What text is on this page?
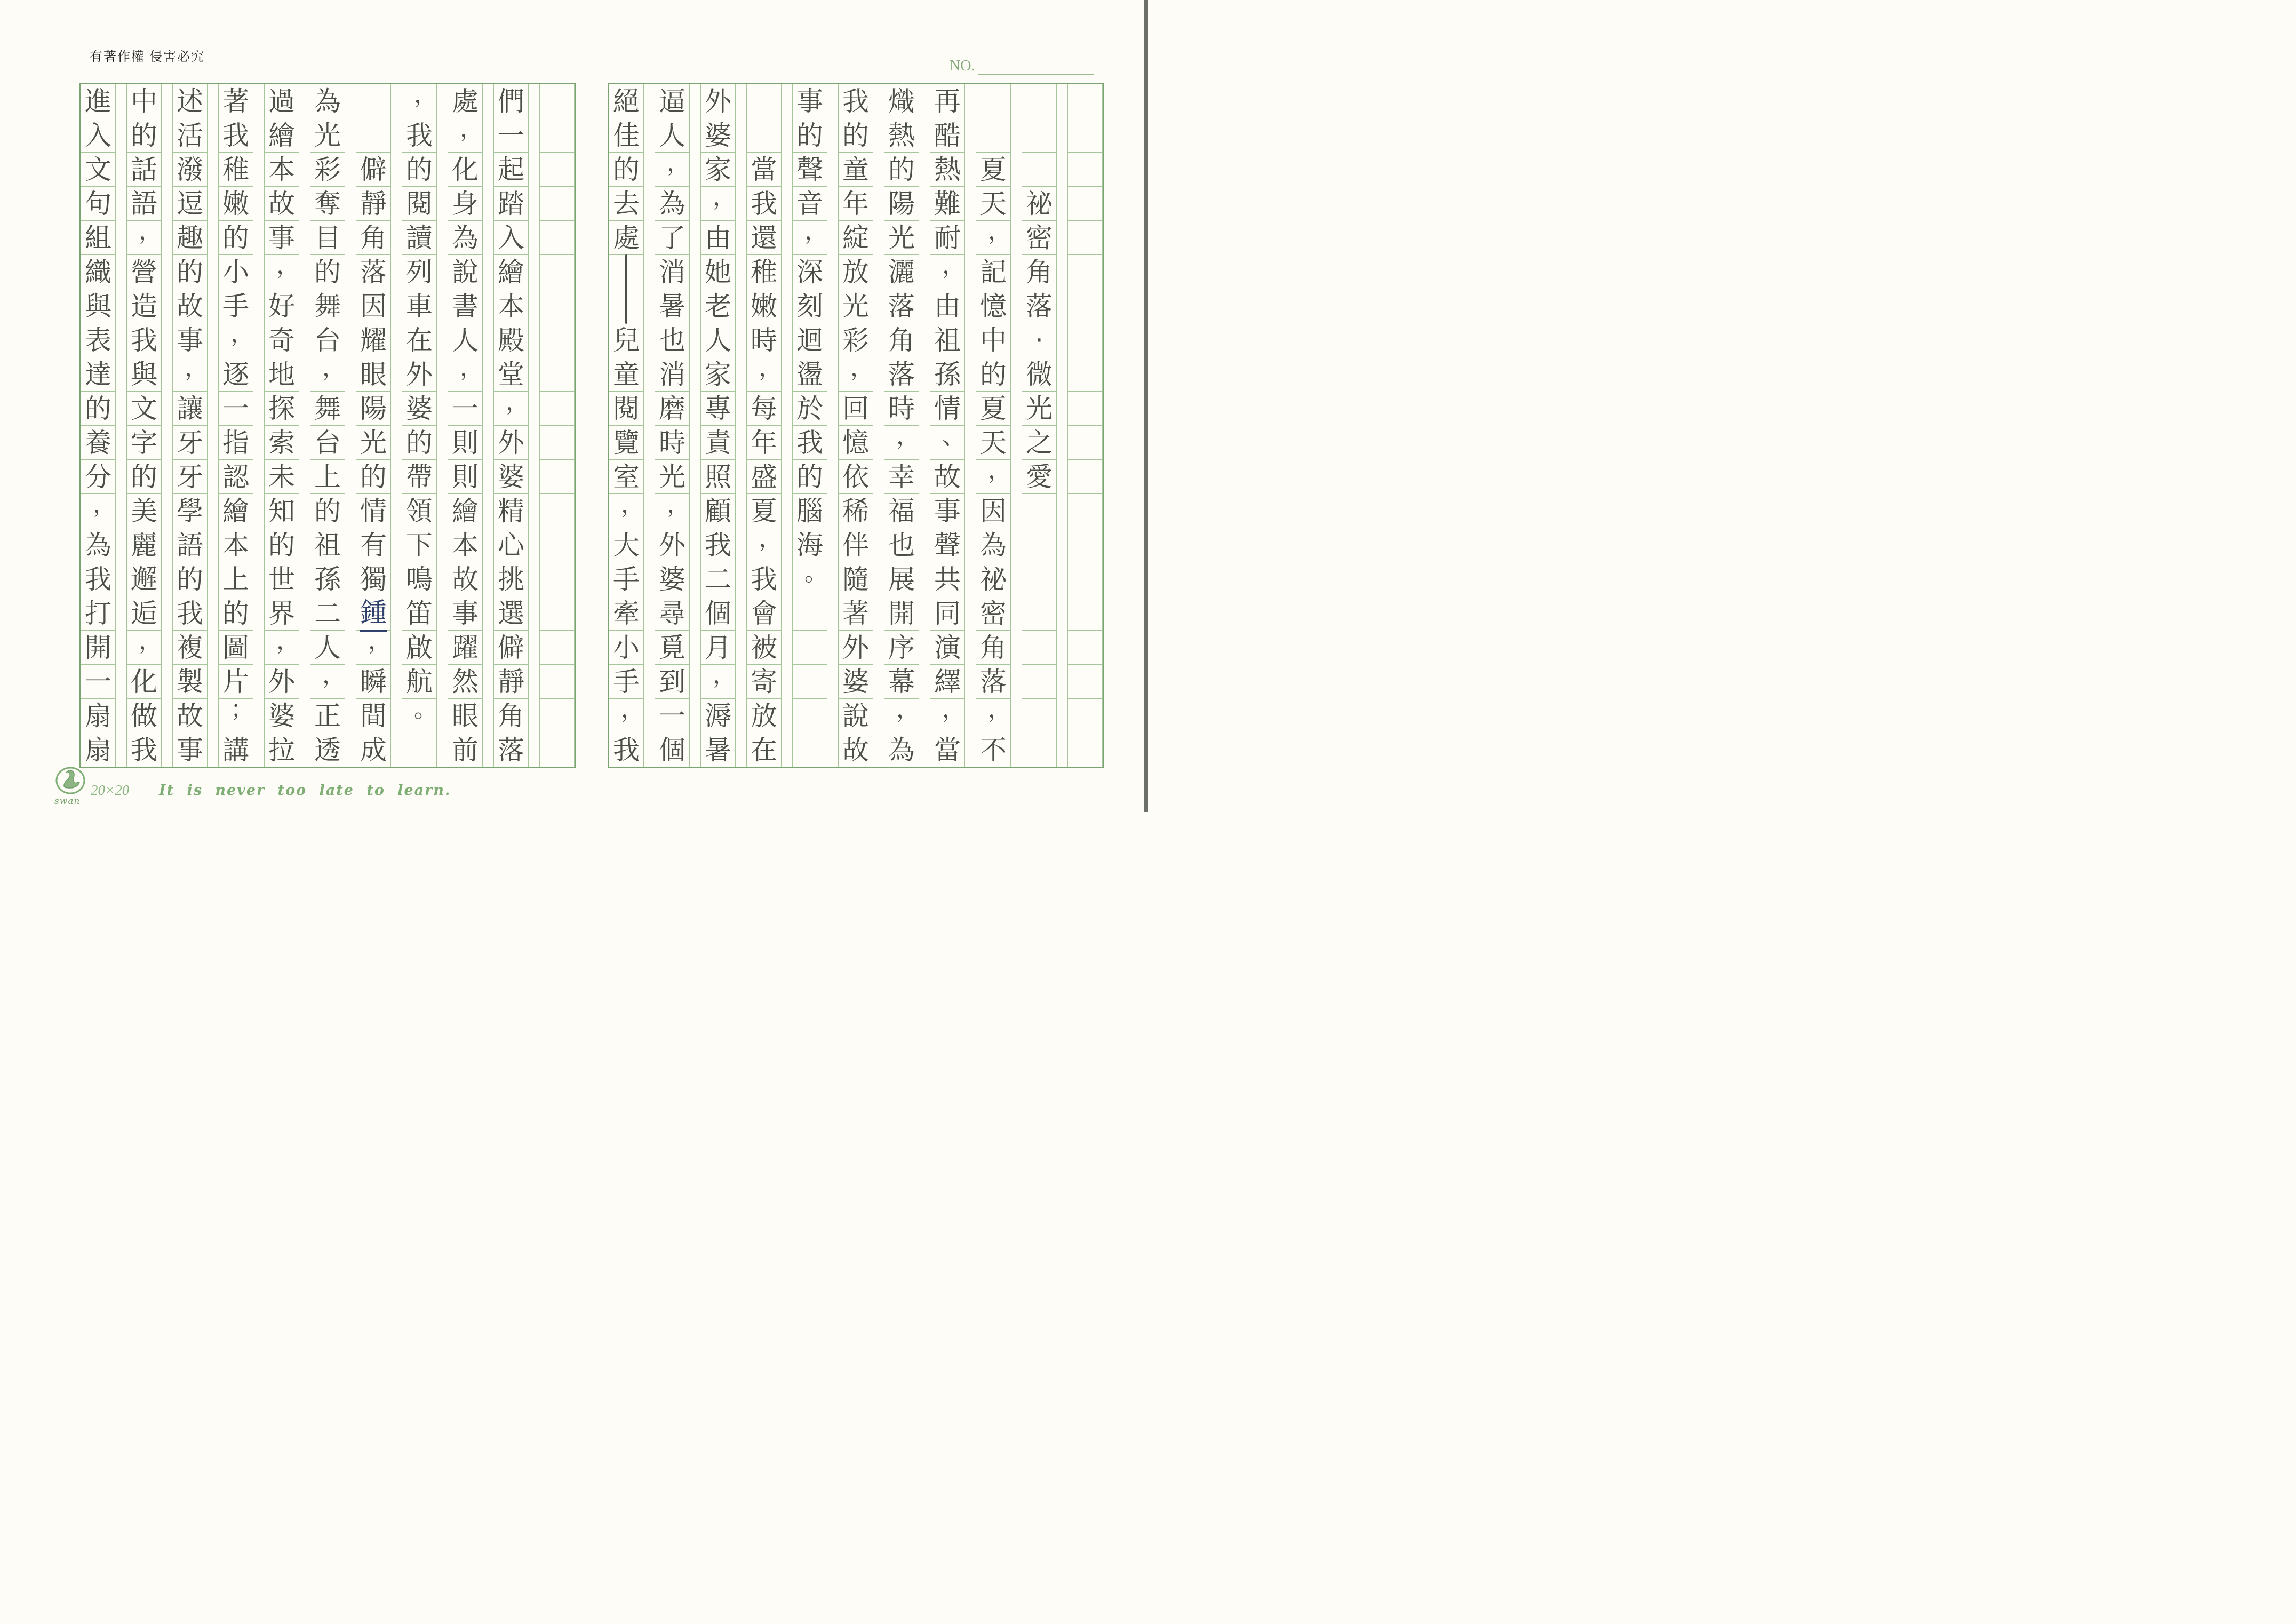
有著作權 侵害必究
NO.
祕
密
角
落
·
微
光
之
愛
夏
天
，
記
憶
中
的
夏
天
，
因
為
祕
密
角
落
，
不
再
酷
熱
難
耐
，
由
祖
孫
情
、
故
事
聲
共
同
演
繹
，
當
熾
熱
的
陽
光
灑
落
角
落
時
，
幸
福
也
展
開
序
幕
，
為
我
的
童
年
綻
放
光
彩
，
回
憶
依
稀
伴
隨
著
外
婆
說
故
事
的
聲
音
，
深
刻
迴
盪
於
我
的
腦
海
。
當
我
還
稚
嫩
時
，
每
年
盛
夏
，
我
會
被
寄
放
在
外
婆
家
，
由
她
老
人
家
專
責
照
顧
我
二
個
月
，
溽
暑
逼
人
，
為
了
消
暑
也
消
磨
時
光
，
外
婆
尋
覓
到
一
個
絕
佳
的
去
處
兒
童
閱
覽
室
，
大
手
牽
小
手
，
我
們
一
起
踏
入
繪
本
殿
堂
，
外
婆
精
心
挑
選
僻
靜
角
落
處
，
化
身
為
說
書
人
，
一
則
則
繪
本
故
事
躍
然
眼
前
，
我
的
閱
讀
列
車
在
外
婆
的
帶
領
下
鳴
笛
啟
航
。
僻
靜
角
落
因
耀
眼
陽
光
的
情
有
獨
鍾
，
瞬
間
成
為
光
彩
奪
目
的
舞
台
，
舞
台
上
的
祖
孫
二
人
，
正
透
過
繪
本
故
事
，
好
奇
地
探
索
未
知
的
世
界
，
外
婆
拉
著
我
稚
嫩
的
小
手
，
逐
一
指
認
繪
本
上
的
圖
片
；
講
述
活
潑
逗
趣
的
故
事
，
讓
牙
牙
學
語
的
我
複
製
故
事
中
的
話
語
，
營
造
我
與
文
字
的
美
麗
邂
逅
，
化
做
我
進
入
文
句
組
織
與
表
達
的
養
分
，
為
我
打
開
一
扇
扇
swan
20×20 It is never too late to learn.
